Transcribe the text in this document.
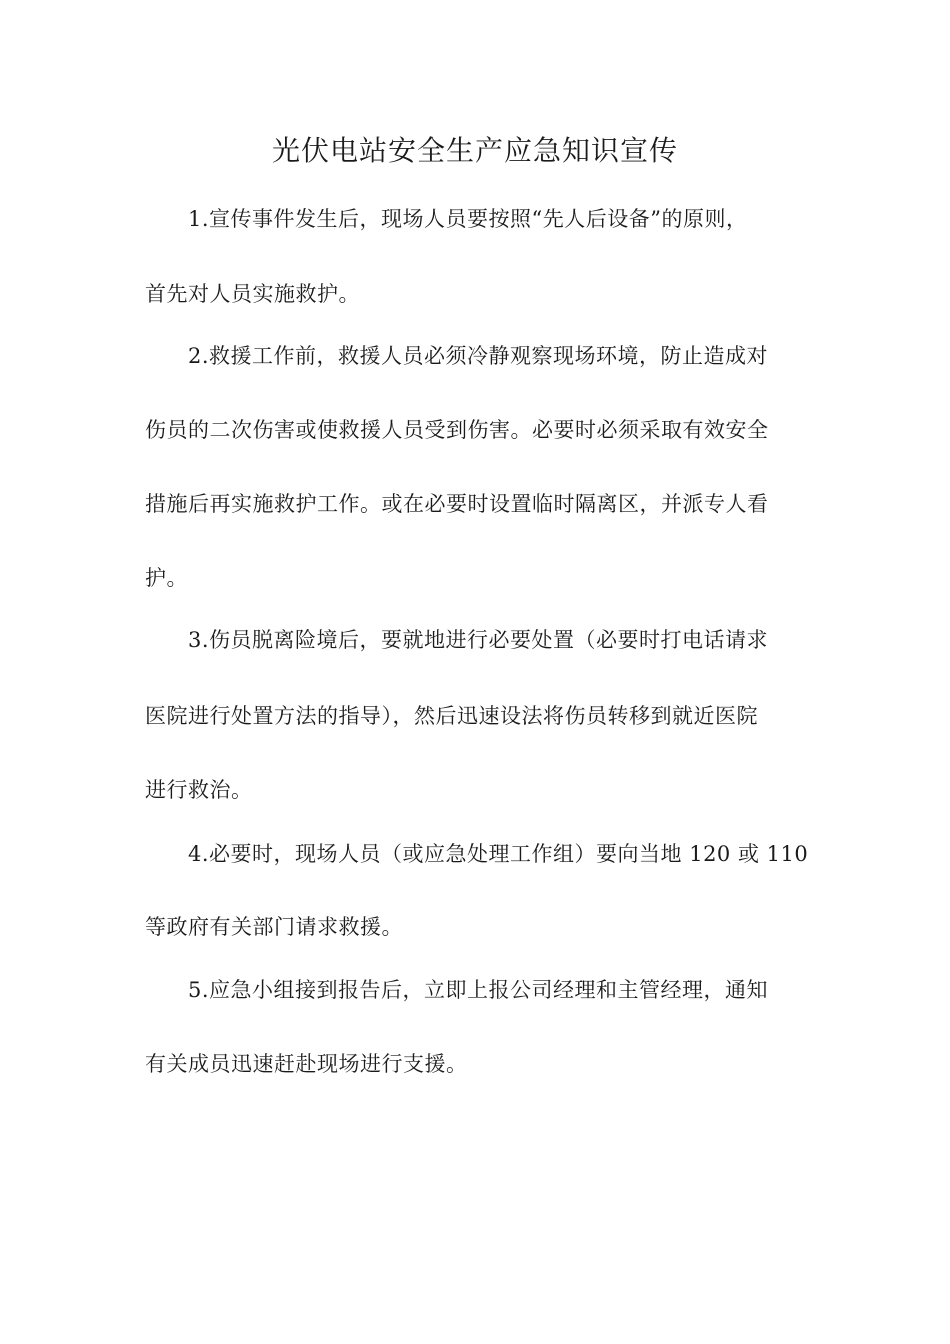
光伏电站安全生产应急知识宣传
1.宣传事件发生后，现场人员要按照“先人后设备”的原则，
首先对人员实施救护。
2.救援工作前，救援人员必须冷静观察现场环境，防止造成对
伤员的二次伤害或使救援人员受到伤害。必要时必须采取有效安全
措施后再实施救护工作。或在必要时设置临时隔离区，并派专人看
护。
3.伤员脱离险境后，要就地进行必要处置（必要时打电话请求
医院进行处置方法的指导），然后迅速设法将伤员转移到就近医院
进行救治。
4.必要时，现场人员（或应急处理工作组）要向当地 120 或 110
等政府有关部门请求救援。
5.应急小组接到报告后，立即上报公司经理和主管经理，通知
有关成员迅速赶赴现场进行支援。
